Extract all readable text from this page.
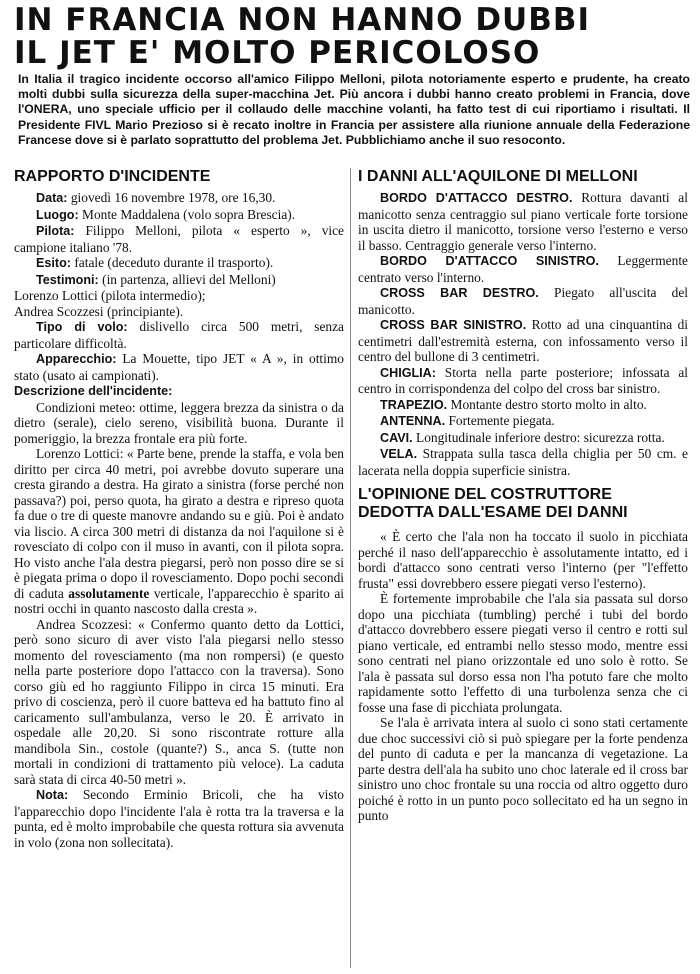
IN FRANCIA NON HANNO DUBBI
IL JET E' MOLTO PERICOLOSO
In Italia il tragico incidente occorso all'amico Filippo Melloni, pilota notoriamente esperto e prudente, ha creato molti dubbi sulla sicurezza della super-macchina Jet. Più ancora i dubbi hanno creato problemi in Francia, dove l'ONERA, uno speciale ufficio per il collaudo delle macchine volanti, ha fatto test di cui riportiamo i risultati. Il Presidente FIVL Mario Prezioso si è recato inoltre in Francia per assistere alla riunione annuale della Federazione Francese dove si è parlato soprattutto del problema Jet. Pubblichiamo anche il suo resoconto.
RAPPORTO D'INCIDENTE

Data: giovedì 16 novembre 1978, ore 16,30.

Luogo: Monte Maddalena (volo sopra Brescia).

Pilota: Filippo Melloni, pilota « esperto », vice campione italiano '78.

Esito: fatale (deceduto durante il trasporto).

Testimoni: (in partenza, allievi del Melloni)

Lorenzo Lottici (pilota intermedio);

Andrea Scozzesi (principiante).

Tipo di volo: dislivello circa 500 metri, senza particolare difficoltà.

Apparecchio: La Mouette, tipo JET « A », in ottimo stato (usato ai campionati).

Descrizione dell'incidente:

Condizioni meteo: ottime, leggera brezza da sinistra o da dietro (serale), cielo sereno, visibilità buona. Durante il pomeriggio, la brezza frontale era più forte.

Lorenzo Lottici: « Parte bene, prende la staffa, e vola ben diritto per circa 40 metri, poi avrebbe dovuto superare una cresta girando a destra. Ha girato a sinistra (forse perché non passava?) poi, perso quota, ha girato a destra e ripreso quota fa due o tre di queste manovre andando su e giù. Poi è andato via liscio. A circa 300 metri di distanza da noi l'aquilone si è rovesciato di colpo con il muso in avanti, con il pilota sopra. Ho visto anche l'ala destra piegarsi, però non posso dire se si è piegata prima o dopo il rovesciamento. Dopo pochi secondi di caduta assolutamente verticale, l'apparecchio è sparito ai nostri occhi in quanto nascosto dalla cresta ».

Andrea Scozzesi: « Confermo quanto detto da Lottici, però sono sicuro di aver visto l'ala piegarsi nello stesso momento del rovesciamento (ma non rompersi) (e questo nella parte posteriore dopo l'attacco con la traversa). Sono corso giù ed ho raggiunto Filippo in circa 15 minuti. Era privo di coscienza, però il cuore batteva ed ha battuto fino al caricamento sull'ambulanza, verso le 20. È arrivato in ospedale alle 20,20. Si sono riscontrate rotture alla mandibola Sin., costole (quante?) S., anca S. (tutte non mortali in condizioni di trattamento più veloce). La caduta sarà stata di circa 40-50 metri ».

Nota: Secondo Erminio Bricoli, che ha visto l'apparecchio dopo l'incidente l'ala è rotta tra la traversa e la punta, ed è molto improbabile che questa rottura sia avvenuta in volo (zona non sollecitata).

I DANNI ALL'AQUILONE DI MELLONI

BORDO D'ATTACCO DESTRO. Rottura davanti al manicotto senza centraggio sul piano verticale forte torsione in uscita dietro il manicotto, torsione verso l'esterno e verso il basso. Centraggio generale verso l'interno.

BORDO D'ATTACCO SINISTRO. Leggermente centrato verso l'interno.

CROSS BAR DESTRO. Piegato all'uscita del manicotto.

CROSS BAR SINISTRO. Rotto ad una cinquantina di centimetri dall'estremità esterna, con infossamento verso il centro del bullone di 3 centimetri.

CHIGLIA: Storta nella parte posteriore; infossata al centro in corrispondenza del colpo del cross bar sinistro.

TRAPEZIO. Montante destro storto molto in alto.

ANTENNA. Fortemente piegata.

CAVI. Longitudinale inferiore destro: sicurezza rotta.

VELA. Strappata sulla tasca della chiglia per 50 cm. e lacerata nella doppia superficie sinistra.

L'OPINIONE DEL COSTRUTTORE
DEDOTTA DALL'ESAME DEI DANNI

« È certo che l'ala non ha toccato il suolo in picchiata perché il naso dell'apparecchio è assolutamente intatto, ed i bordi d'attacco sono centrati verso l'interno (per "l'effetto frusta" essi dovrebbero essere piegati verso l'esterno).

È fortemente improbabile che l'ala sia passata sul dorso dopo una picchiata (tumbling) perché i tubi del bordo d'attacco dovrebbero essere piegati verso il centro e rotti sul piano verticale, ed entrambi nello stesso modo, mentre essi sono centrati nel piano orizzontale ed uno solo è rotto. Se l'ala è passata sul dorso essa non l'ha potuto fare che molto rapidamente sotto l'effetto di una turbolenza senza che ci fosse una fase di picchiata prolungata.

Se l'ala è arrivata intera al suolo ci sono stati certamente due choc successivi ciò si può spiegare per la forte pendenza del punto di caduta e per la mancanza di vegetazione. La parte destra dell'ala ha subito uno choc laterale ed il cross bar sinistro uno choc frontale su una roccia od altro oggetto duro poiché è rotto in un punto poco sollecitato ed ha un segno in punto
